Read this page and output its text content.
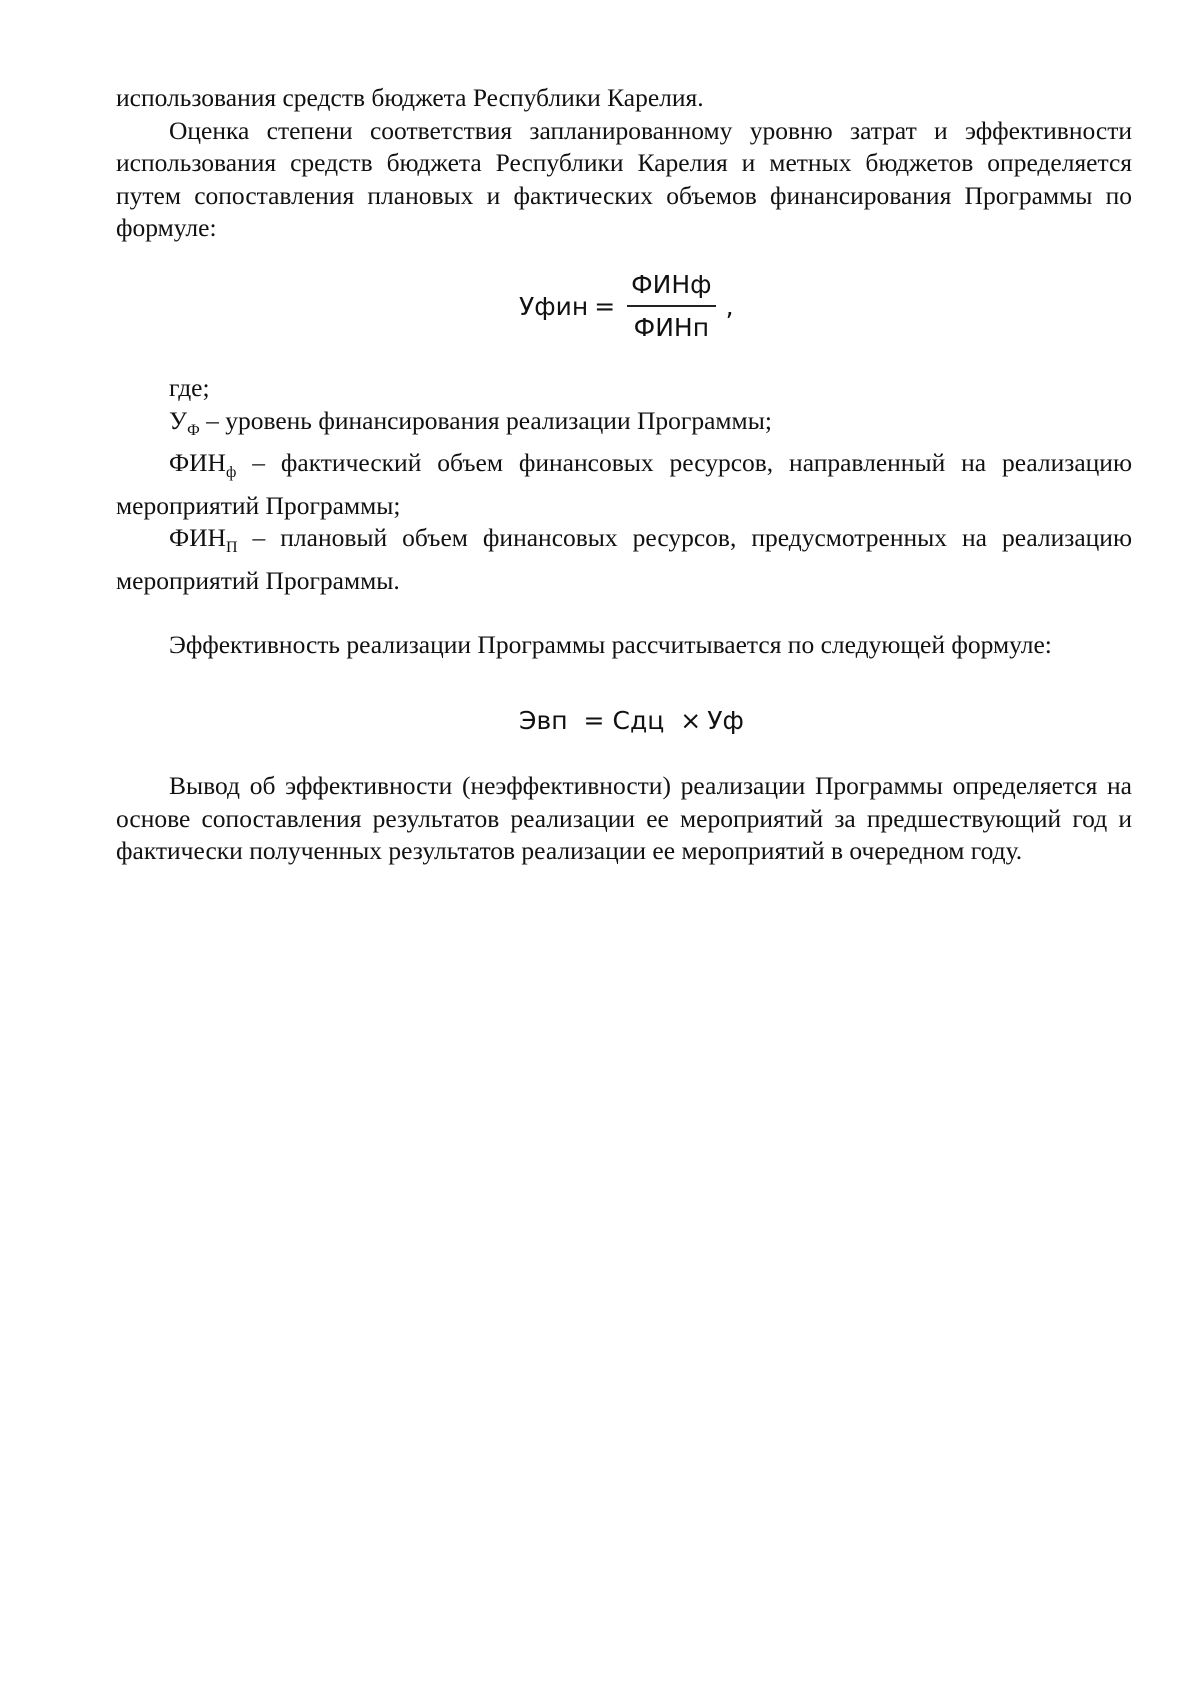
использования средств бюджета Республики Карелия.

Оценка степени соответствия запланированному уровню затрат и эффективности использования средств бюджета Республики Карелия и метных бюджетов определяется путем сопоставления плановых и фактических объемов финансирования Программы по формуле:

Уфин = $\frac{\text{ФИНф}}{\text{ФИНп}}$ ,

где;

$У_Ф$ – уровень финансирования реализации Программы;

$ФИН_ф$ – фактический объем финансовых ресурсов, направленный на реализацию мероприятий Программы;

$ФИН_П$ – плановый объем финансовых ресурсов, предусмотренных на реализацию мероприятий Программы.

Эффективность реализации Программы рассчитывается по следующей формуле:

Эвп = Сдц × Уф

Вывод об эффективности (неэффективности) реализации Программы определяется на основе сопоставления результатов реализации ее мероприятий за предшествующий год и фактически полученных результатов реализации ее мероприятий в очередном году.
